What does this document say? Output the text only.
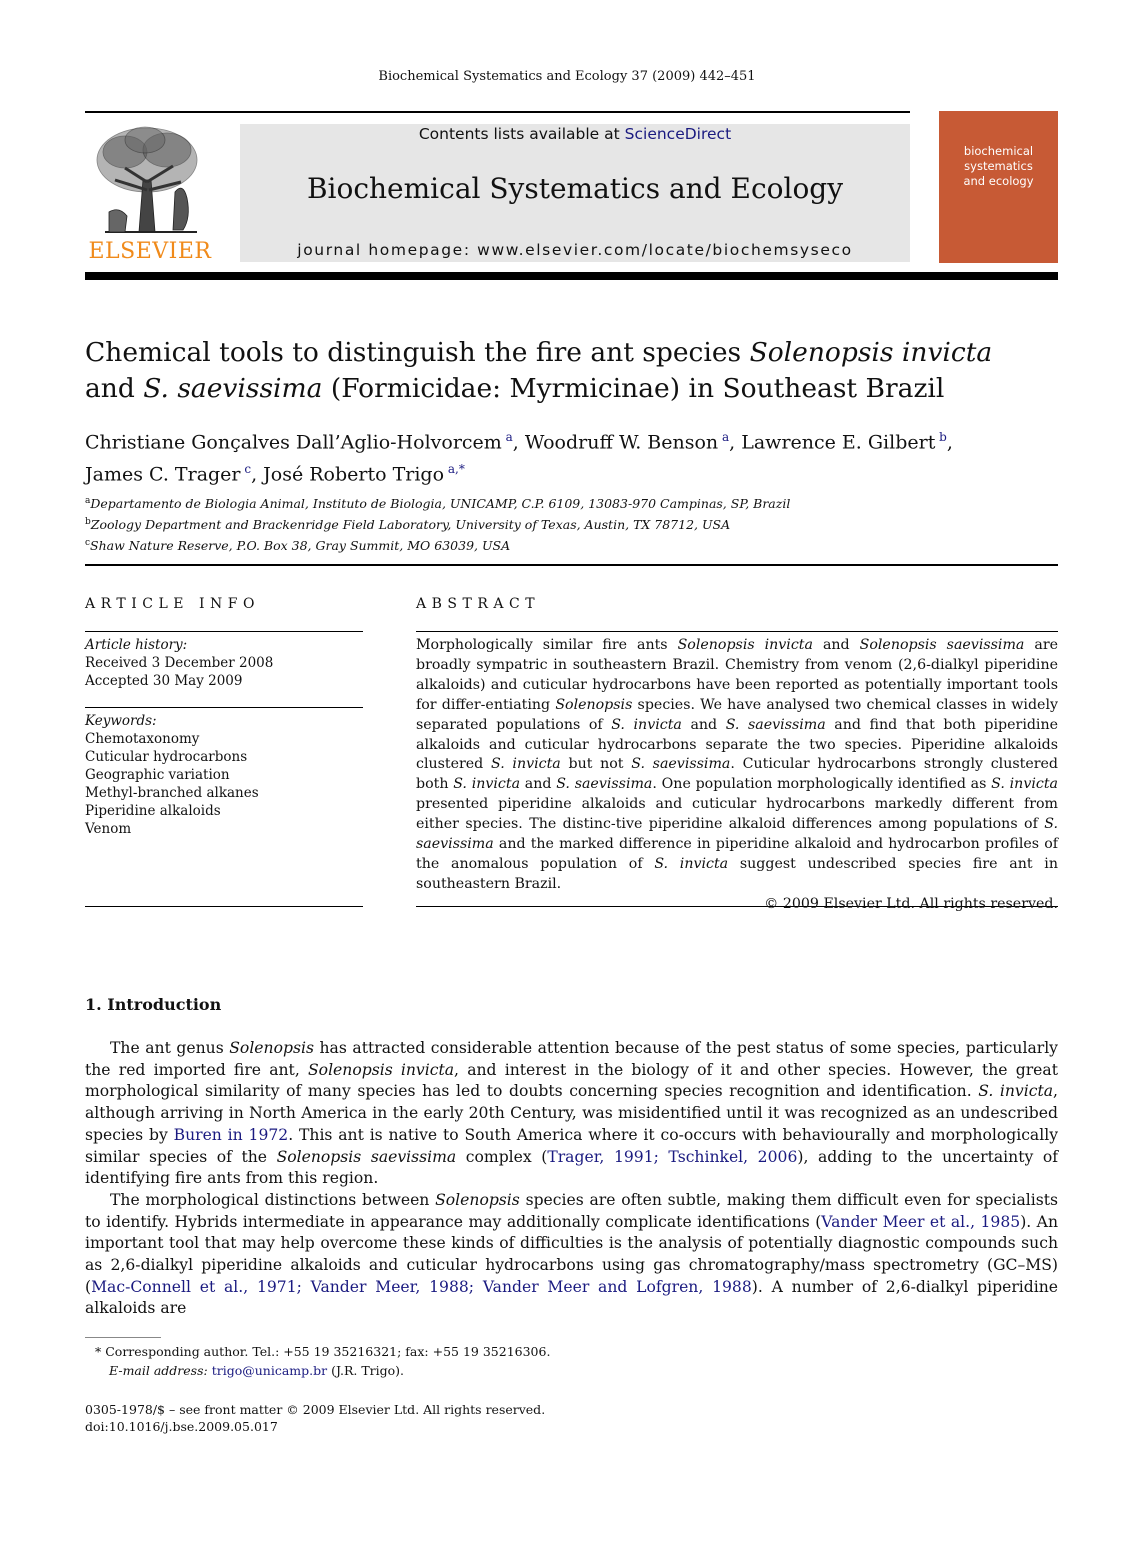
Biochemical Systematics and Ecology 37 (2009) 442–451
ELSEVIER
Contents lists available at ScienceDirect
Biochemical Systematics and Ecology
journal homepage: www.elsevier.com/locate/biochemsyseco
biochemical systematics and ecology
Chemical tools to distinguish the fire ant species Solenopsis invicta
and S. saevissima (Formicidae: Myrmicinae) in Southeast Brazil
Christiane Gonçalves Dall’Aglio-Holvorcem $^a$, Woodruff W. Benson $^a$, Lawrence E. Gilbert $^b$,
James C. Trager $^c$, José Roberto Trigo $^{a,*}$
$^a$Departamento de Biologia Animal, Instituto de Biologia, UNICAMP, C.P. 6109, 13083-970 Campinas, SP, Brazil
$^b$Zoology Department and Brackenridge Field Laboratory, University of Texas, Austin, TX 78712, USA
$^c$Shaw Nature Reserve, P.O. Box 38, Gray Summit, MO 63039, USA
ARTICLE INFO	ABSTRACT
Article history:
Received 3 December 2008
Accepted 30 May 2009
Keywords:
Chemotaxonomy
Cuticular hydrocarbons
Geographic variation
Methyl-branched alkanes
Piperidine alkaloids
Venom
Morphologically similar fire ants Solenopsis invicta and Solenopsis saevissima are broadly sympatric in southeastern Brazil. Chemistry from venom (2,6-dialkyl piperidine alkaloids) and cuticular hydrocarbons have been reported as potentially important tools for differ-entiating Solenopsis species. We have analysed two chemical classes in widely separated populations of S. invicta and S. saevissima and find that both piperidine alkaloids and cuticular hydrocarbons separate the two species. Piperidine alkaloids clustered S. invicta but not S. saevissima. Cuticular hydrocarbons strongly clustered both S. invicta and S. saevissima. One population morphologically identified as S. invicta presented piperidine alkaloids and cuticular hydrocarbons markedly different from either species. The distinc-tive piperidine alkaloid differences among populations of S. saevissima and the marked difference in piperidine alkaloid and hydrocarbon profiles of the anomalous population of S. invicta suggest undescribed species fire ant in southeastern Brazil.
© 2009 Elsevier Ltd. All rights reserved.
1. Introduction

The ant genus Solenopsis has attracted considerable attention because of the pest status of some species, particularly the red imported fire ant, Solenopsis invicta, and interest in the biology of it and other species. However, the great morphological similarity of many species has led to doubts concerning species recognition and identification. S. invicta, although arriving in North America in the early 20th Century, was misidentified until it was recognized as an undescribed species by Buren in 1972. This ant is native to South America where it co-occurs with behaviourally and morphologically similar species of the Solenopsis saevissima complex (Trager, 1991; Tschinkel, 2006), adding to the uncertainty of identifying fire ants from this region.

The morphological distinctions between Solenopsis species are often subtle, making them difficult even for specialists to identify. Hybrids intermediate in appearance may additionally complicate identifications (Vander Meer et al., 1985). An important tool that may help overcome these kinds of difficulties is the analysis of potentially diagnostic compounds such as 2,6-dialkyl piperidine alkaloids and cuticular hydrocarbons using gas chromatography/mass spectrometry (GC–MS) (Mac-Connell et al., 1971; Vander Meer, 1988; Vander Meer and Lofgren, 1988). A number of 2,6-dialkyl piperidine alkaloids are

* Corresponding author. Tel.: +55 19 35216321; fax: +55 19 35216306.
E-mail address: trigo@unicamp.br (J.R. Trigo).
0305-1978/$ – see front matter © 2009 Elsevier Ltd. All rights reserved.
doi:10.1016/j.bse.2009.05.017
